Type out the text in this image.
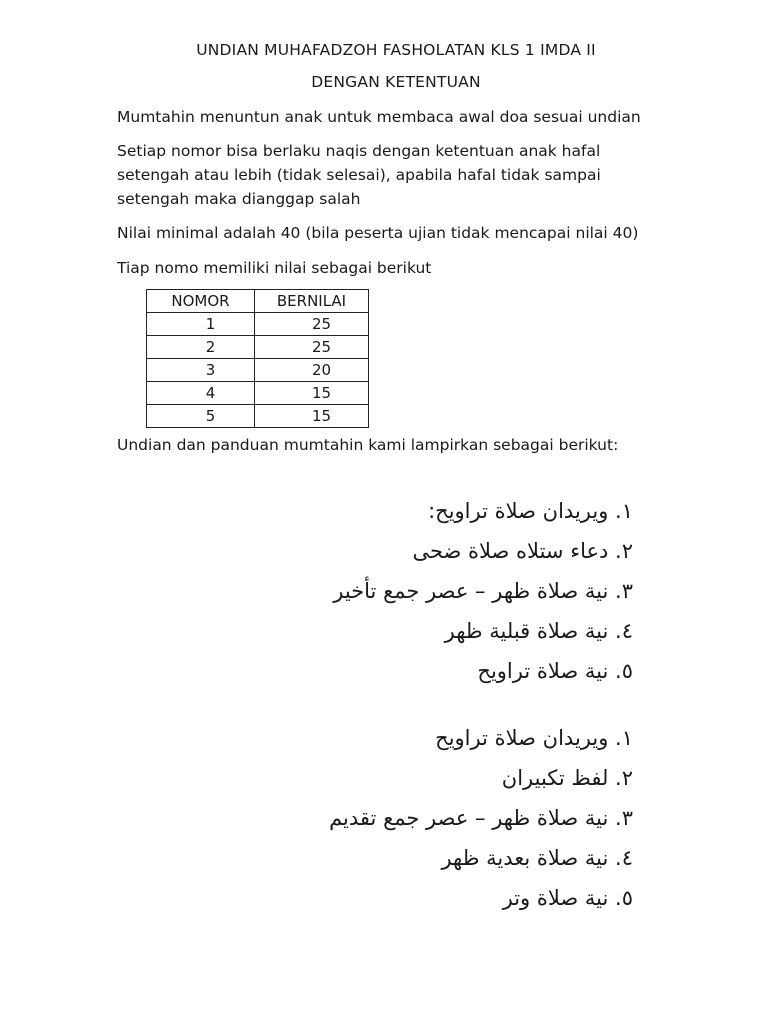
UNDIAN MUHAFADZOH FASHOLATAN KLS 1 IMDA II
DENGAN KETENTUAN
Mumtahin menuntun anak untuk membaca awal doa sesuai undian
Setiap nomor bisa berlaku naqis dengan ketentuan anak hafal setengah atau lebih (tidak selesai), apabila hafal tidak sampai setengah maka dianggap salah
Nilai minimal adalah 40 (bila peserta ujian tidak mencapai nilai 40)
Tiap nomo memiliki nilai sebagai berikut
NOMOR	BERNILAI
1	25
2	25
3	20
4	15
5	15
Undian dan panduan mumtahin kami lampirkan sebagai berikut:
١. ويريدان صلاة تراويح:
٢. دعاء ستلاه صلاة ضحى
٣. نية صلاة ظهر – عصر جمع تأخير
٤. نية صلاة قبلية ظهر
٥. نية صلاة تراويح
١. ويريدان صلاة تراويح
٢. لفظ تكبيران
٣. نية صلاة ظهر – عصر جمع تقديم
٤. نية صلاة بعدية ظهر
٥. نية صلاة وتر
